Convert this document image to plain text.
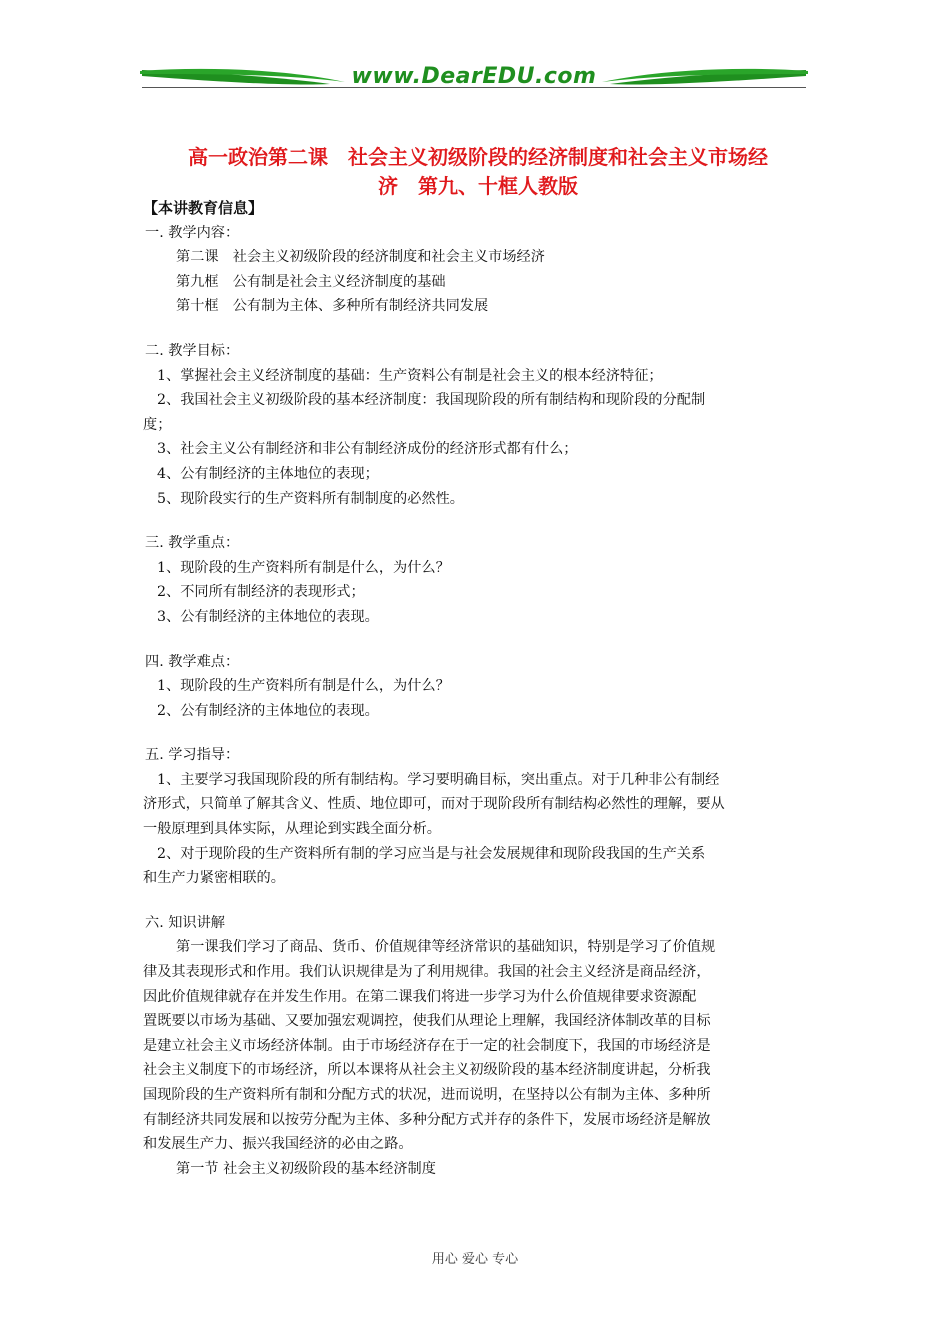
www.DearEDU.com
高一政治第二课　社会主义初级阶段的经济制度和社会主义市场经
济　第九、十框人教版
【本讲教育信息】
一. 教学内容：
第二课　社会主义初级阶段的经济制度和社会主义市场经济
第九框　公有制是社会主义经济制度的基础
第十框　公有制为主体、多种所有制经济共同发展
二. 教学目标：
1、掌握社会主义经济制度的基础：生产资料公有制是社会主义的根本经济特征；
2、我国社会主义初级阶段的基本经济制度：我国现阶段的所有制结构和现阶段的分配制
度；
3、社会主义公有制经济和非公有制经济成份的经济形式都有什么；
4、公有制经济的主体地位的表现；
5、现阶段实行的生产资料所有制制度的必然性。
三. 教学重点：
1、现阶段的生产资料所有制是什么，为什么？
2、不同所有制经济的表现形式；
3、公有制经济的主体地位的表现。
四. 教学难点：
1、现阶段的生产资料所有制是什么，为什么？
2、公有制经济的主体地位的表现。
五. 学习指导：
1、主要学习我国现阶段的所有制结构。学习要明确目标，突出重点。对于几种非公有制经
济形式，只简单了解其含义、性质、地位即可，而对于现阶段所有制结构必然性的理解，要从
一般原理到具体实际，从理论到实践全面分析。
2、对于现阶段的生产资料所有制的学习应当是与社会发展规律和现阶段我国的生产关系
和生产力紧密相联的。
六. 知识讲解
第一课我们学习了商品、货币、价值规律等经济常识的基础知识，特别是学习了价值规
律及其表现形式和作用。我们认识规律是为了利用规律。我国的社会主义经济是商品经济，
因此价值规律就存在并发生作用。在第二课我们将进一步学习为什么价值规律要求资源配
置既要以市场为基础、又要加强宏观调控，使我们从理论上理解，我国经济体制改革的目标
是建立社会主义市场经济体制。由于市场经济存在于一定的社会制度下，我国的市场经济是
社会主义制度下的市场经济，所以本课将从社会主义初级阶段的基本经济制度讲起，分析我
国现阶段的生产资料所有制和分配方式的状况，进而说明，在坚持以公有制为主体、多种所
有制经济共同发展和以按劳分配为主体、多种分配方式并存的条件下，发展市场经济是解放
和发展生产力、振兴我国经济的必由之路。
第一节 社会主义初级阶段的基本经济制度
用心 爱心 专心
